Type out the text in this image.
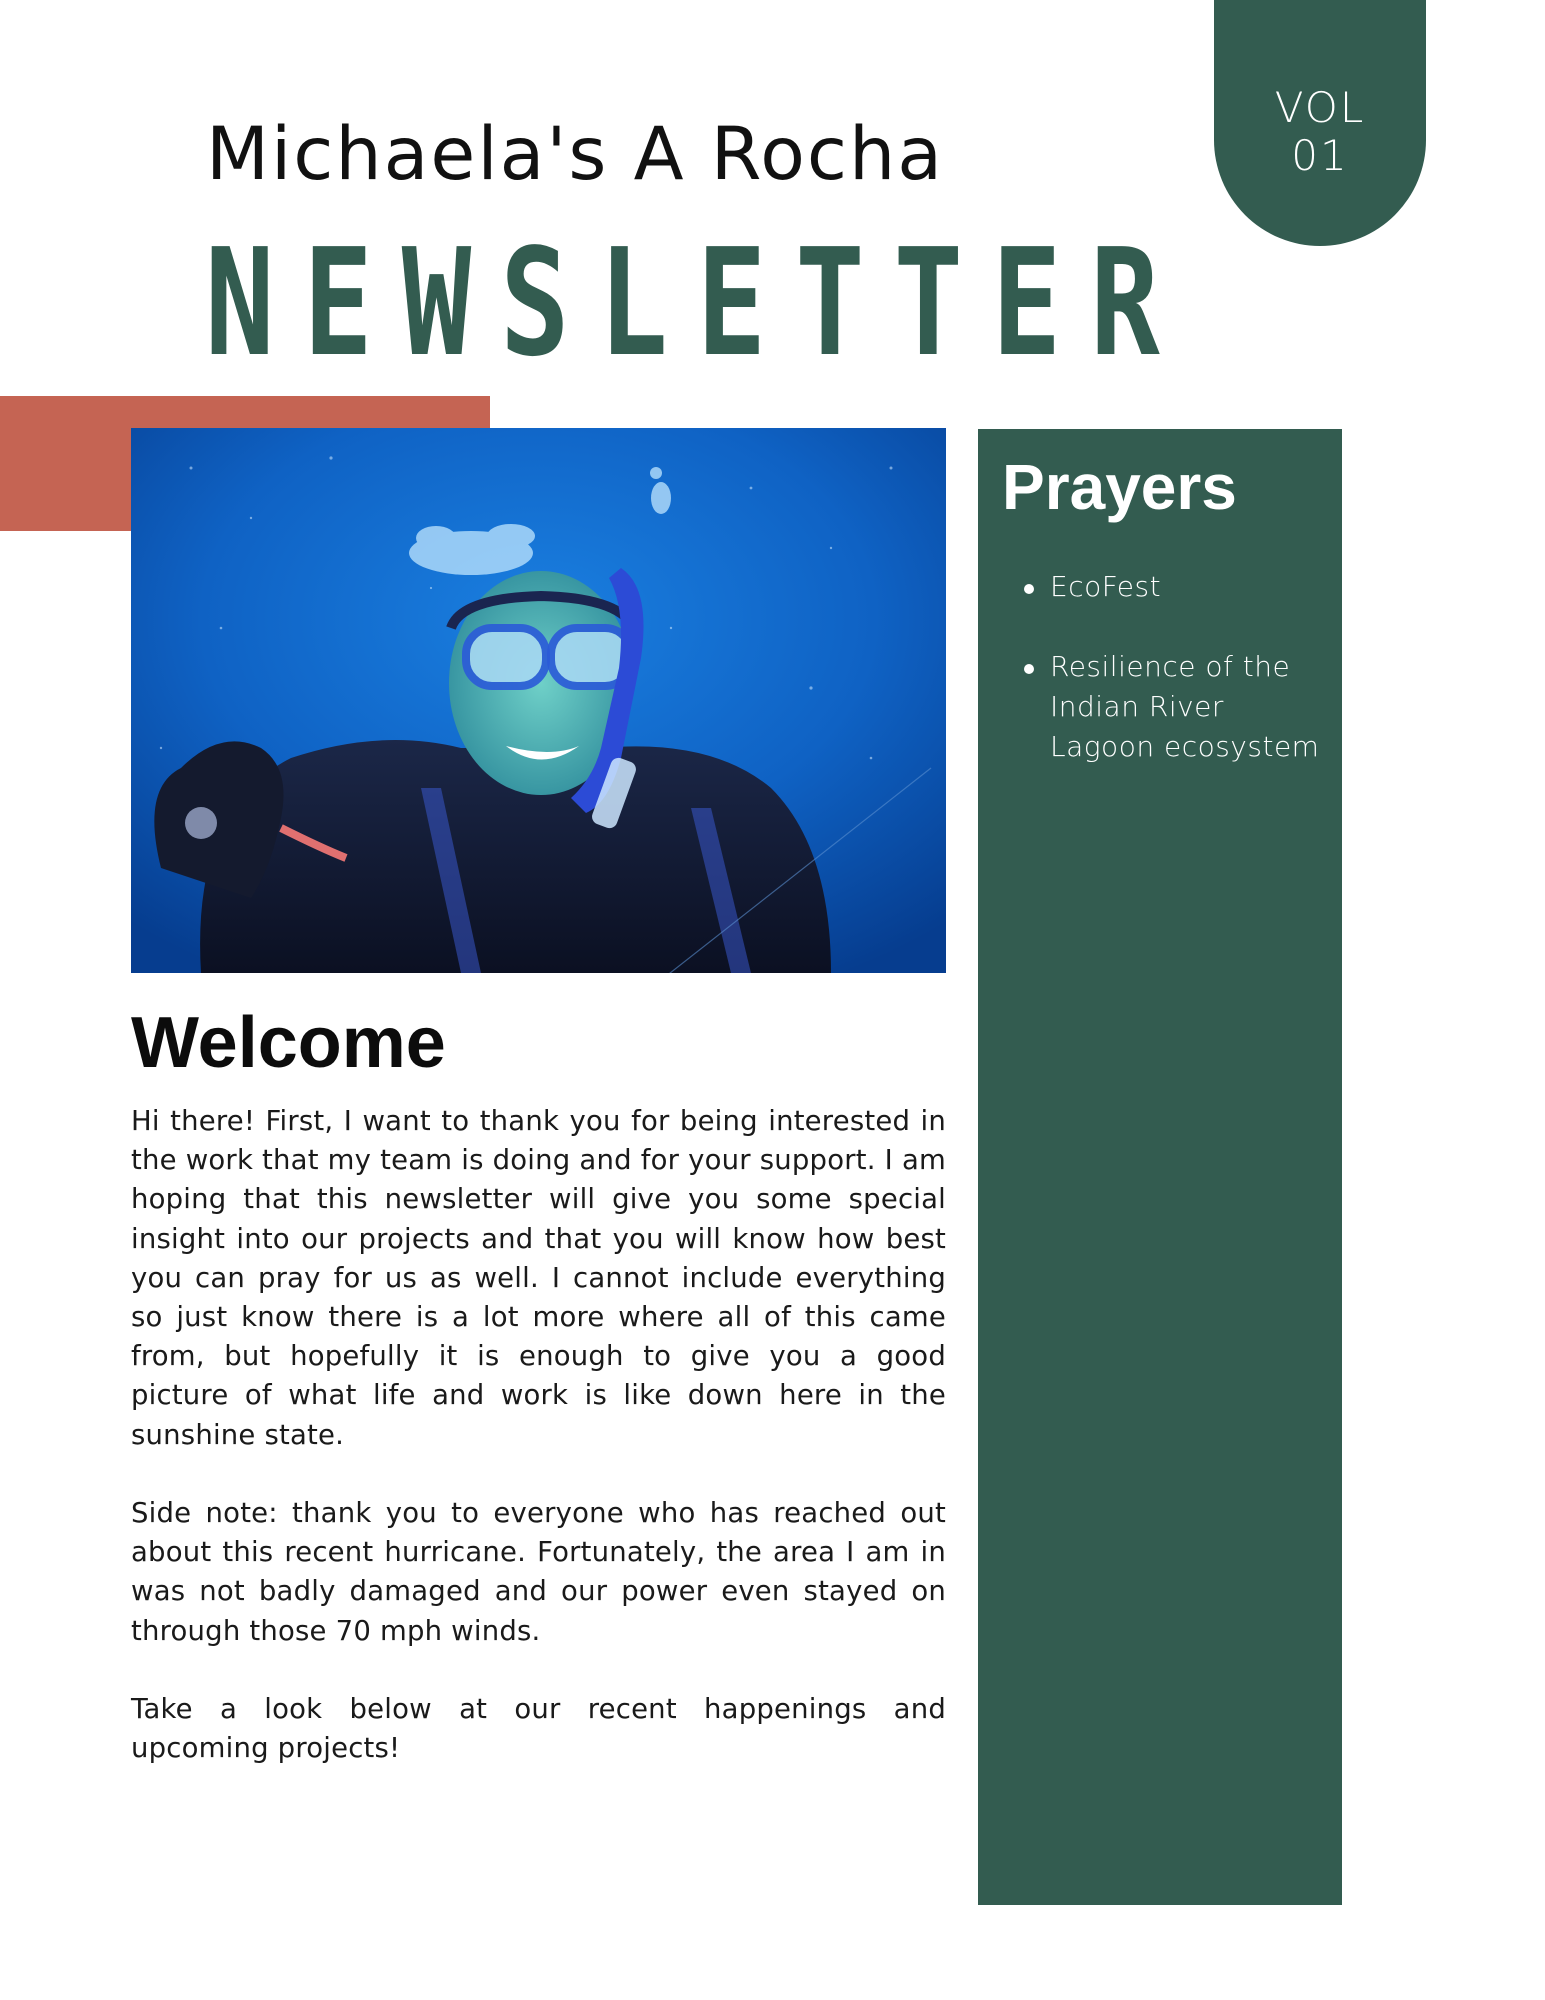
VOL
01
Michaela's A Rocha
NEWSLETTER
Prayers
EcoFest
Resilience of the Indian River Lagoon ecosystem
Welcome

Hi there! First, I want to thank you for being interested in the work that my team is doing and for your support. I am hoping that this newsletter will give you some special insight into our projects and that you will know how best you can pray for us as well. I cannot include everything so just know there is a lot more where all of this came from, but hopefully it is enough to give you a good picture of what life and work is like down here in the sunshine state.

Side note: thank you to everyone who has reached out about this recent hurricane. Fortunately, the area I am in was not badly damaged and our power even stayed on through those 70 mph winds.

Take a look below at our recent happenings and upcoming projects!
